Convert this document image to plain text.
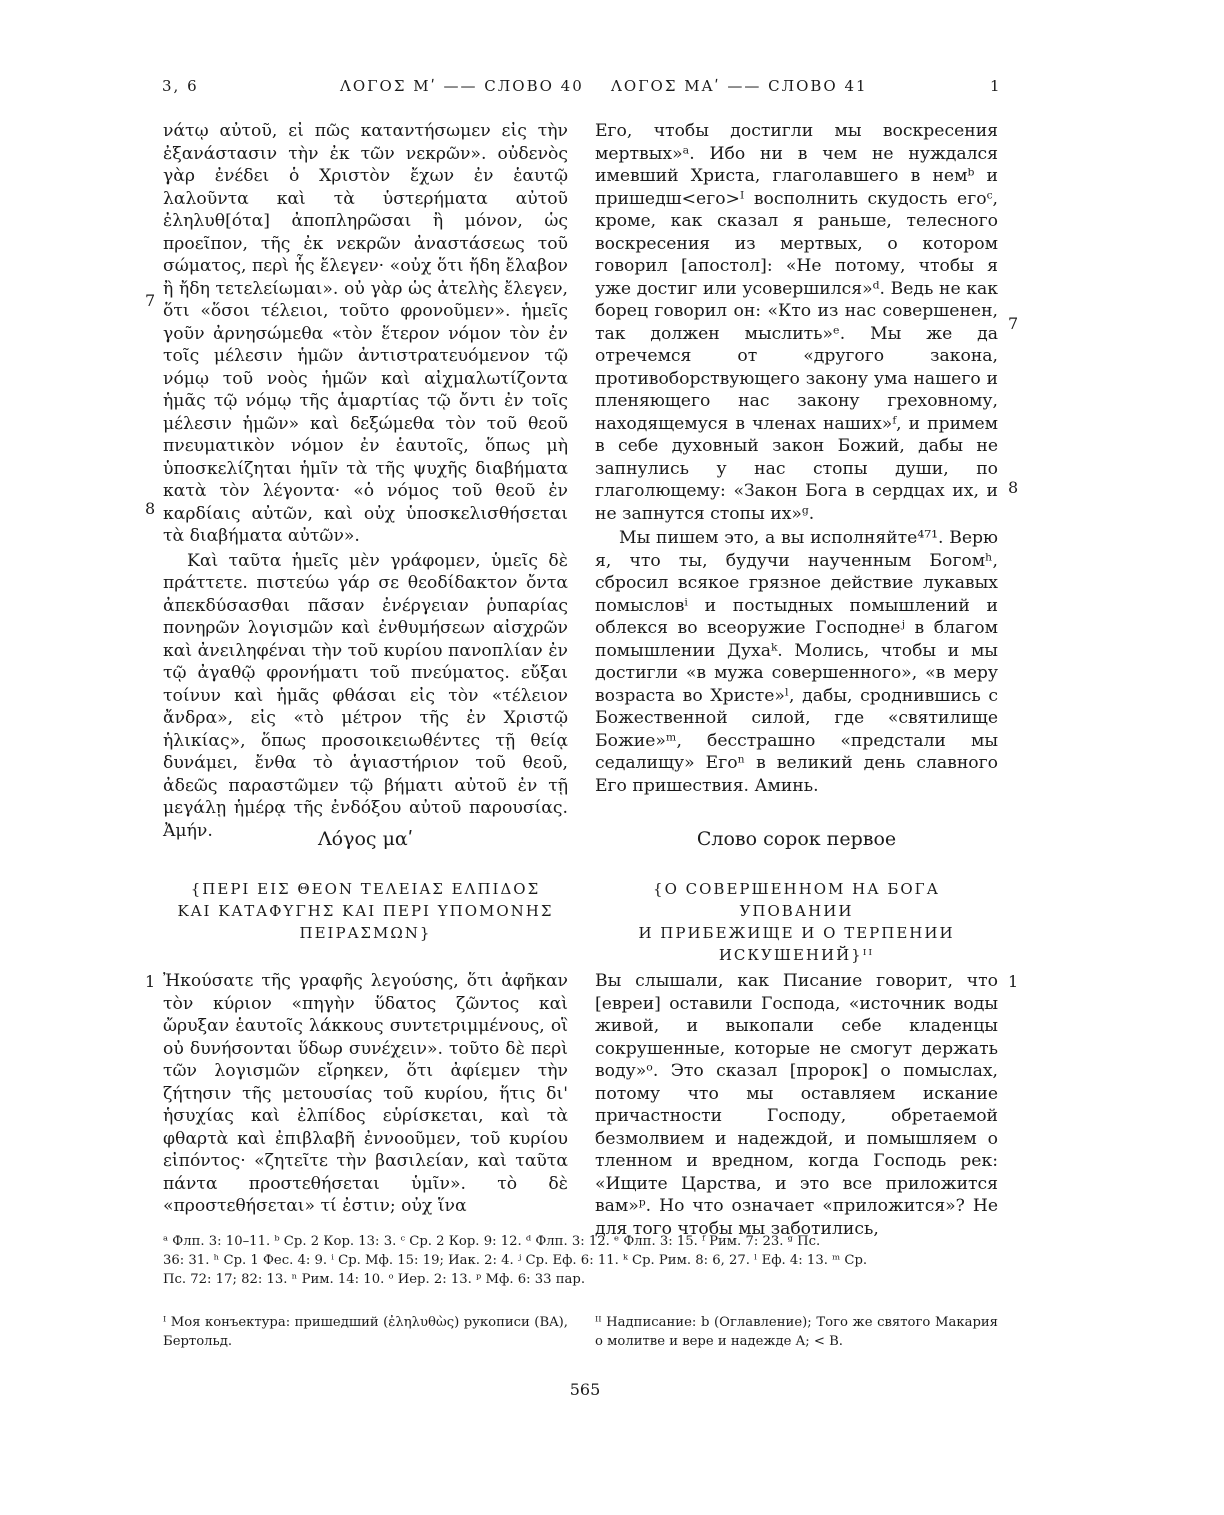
3, 6	ΛΟΓΟΣ Μʹ —— СЛОВО 40 ΛΟΓΟΣ ΜΑʹ —— СЛОВО 41	1

νάτῳ αὐτοῦ, εἰ πῶς καταντήσωμεν εἰς τὴν ἐξανάστασιν τὴν ἐκ τῶν νεκρῶν». οὐδενὸς γὰρ ἐνέδει ὁ Χριστὸν ἔχων ἐν ἑαυτῷ λαλοῦντα καὶ τὰ ὑστερήματα αὐτοῦ ἐληλυθ[ότα] ἀποπληρῶσαι ἢ μόνον, ὡς προεῖπον, τῆς ἐκ νεκρῶν ἀναστάσεως τοῦ σώματος, περὶ ἧς ἔλεγεν· «οὐχ ὅτι ἤδη ἔλαβον ἢ ἤδη τετελείωμαι». οὐ γὰρ ὡς ἀτελὴς ἔλεγεν, ὅτι «ὅσοι τέλειοι, τοῦτο φρονοῦμεν». ἡμεῖς γοῦν ἀρνησώμεθα «τὸν ἕτερον νόμον τὸν ἐν τοῖς μέλεσιν ἡμῶν ἀντιστρατευόμενον τῷ νόμῳ τοῦ νοὸς ἡμῶν καὶ αἰχμαλωτίζοντα ἡμᾶς τῷ νόμῳ τῆς ἁμαρτίας τῷ ὄντι ἐν τοῖς μέλεσιν ἡμῶν» καὶ δεξώμεθα τὸν τοῦ θεοῦ πνευματικὸν νόμον ἐν ἑαυτοῖς, ὅπως μὴ ὑποσκελίζηται ἡμῖν τὰ τῆς ψυχῆς διαβήματα κατὰ τὸν λέγοντα· «ὁ νόμος τοῦ θεοῦ ἐν καρδίαις αὐτῶν, καὶ οὐχ ὑποσκελισθήσεται τὰ διαβήματα αὐτῶν».

Καὶ ταῦτα ἡμεῖς μὲν γράφομεν, ὑμεῖς δὲ πράττετε. πιστεύω γάρ σε θεοδίδακτον ὄντα ἀπεκδύσασθαι πᾶσαν ἐνέργειαν ῥυπαρίας πονηρῶν λογισμῶν καὶ ἐνθυμήσεων αἰσχρῶν καὶ ἀνειληφέναι τὴν τοῦ κυρίου πανοπλίαν ἐν τῷ ἀγαθῷ φρονήματι τοῦ πνεύματος. εὔξαι τοίνυν καὶ ἡμᾶς φθάσαι εἰς τὸν «τέλειον ἄνδρα», εἰς «τὸ μέτρον τῆς ἐν Χριστῷ ἡλικίας», ὅπως προσοικειωθέντες τῇ θείᾳ δυνάμει, ἔνθα τὸ ἁγιαστήριον τοῦ θεοῦ, ἀδεῶς παραστῶμεν τῷ βήματι αὐτοῦ ἐν τῇ μεγάλῃ ἡμέρᾳ τῆς ἐνδόξου αὐτοῦ παρουσίας. Ἀμήν.

7
8

Его, чтобы достигли мы воскресения мертвых»ᵃ. Ибо ни в чем не нуждался имевший Христа, глаголавшего в немᵇ и пришедш<его>ᴵ восполнить скудость егоᶜ, кроме, как сказал я раньше, телесного воскресения из мертвых, о котором говорил [апостол]: «Не потому, чтобы я уже достиг или усовершился»ᵈ. Ведь не как борец говорил он: «Кто из нас совершенен, так должен мыслить»ᵉ. Мы же да отречемся от «другого закона, противоборствующего закону ума нашего и пленяющего нас закону греховному, находящемуся в членах наших»ᶠ, и примем в себе духовный закон Божий, дабы не запнулись у нас стопы души, по глаголющему: «Закон Бога в сердцах их, и не запнутся стопы их»ᵍ.

Мы пишем это, а вы исполняйте⁴⁷¹. Верю я, что ты, будучи наученным Богомʰ, сбросил всякое грязное действие лукавых помысловⁱ и постыдных помышлений и облекся во всеоружие Господнеʲ в благом помышлении Духаᵏ. Молись, чтобы и мы достигли «в мужа совершенного», «в меру возраста во Христе»ˡ, дабы, сроднившись с Божественной силой, где «святилище Божие»ᵐ, бесстрашно «предстали мы седалищу» Егоⁿ в великий день славного Его пришествия. Аминь.

7
8
Λόγος μαʹ	Слово сорок первое
{ΠΕΡΙ ΕΙΣ ΘΕΟΝ ΤΕΛΕΙΑΣ ΕΛΠΙΔΟΣ
ΚΑΙ ΚΑΤΑΦΥΓΗΣ ΚΑΙ ΠΕΡΙ ΥΠΟΜΟΝΗΣ
ΠΕΙΡΑΣΜΩΝ}
{О СОВЕРШЕННОМ НА БОГА УПОВАНИИ
И ПРИБЕЖИЩЕ И О ТЕРПЕНИИ
ИСКУШЕНИЙ}ᴵᴵ
1 Ἠκούσατε τῆς γραφῆς λεγούσης, ὅτι ἀφῆκαν τὸν κύριον «πηγὴν ὕδατος ζῶντος καὶ ὤρυξαν ἑαυτοῖς λάκκους συντετριμμένους, οἳ οὐ δυνήσονται ὕδωρ συνέχειν». τοῦτο δὲ περὶ τῶν λογισμῶν εἴρηκεν, ὅτι ἀφίεμεν τὴν ζήτησιν τῆς μετουσίας τοῦ κυρίου, ἥτις δι' ἡσυχίας καὶ ἐλπίδος εὑρίσκεται, καὶ τὰ φθαρτὰ καὶ ἐπιβλαβῆ ἐννοοῦμεν, τοῦ κυρίου εἰπόντος· «ζητεῖτε τὴν βασιλείαν, καὶ ταῦτα πάντα προστεθήσεται ὑμῖν». τὸ δὲ «προστεθήσεται» τί ἐστιν; οὐχ ἵνα

Вы слышали, как Писание говорит, что [евреи] оставили Господа, «источник воды живой, и выкопали себе кладенцы сокрушенные, которые не смогут держать воду»ᵒ. Это сказал [пророк] о помыслах, потому что мы оставляем искание причастности Господу, обретаемой безмолвием и надеждой, и помышляем о тленном и вредном, когда Господь рек: «Ищите Царства, и это все приложится вам»ᵖ. Но что означает «приложится»? Не для того чтобы мы заботились,

1
ᵃ Флп. 3: 10–11. ᵇ Ср. 2 Кор. 13: 3. ᶜ Ср. 2 Кор. 9: 12. ᵈ Флп. 3: 12. ᵉ Флп. 3: 15. ᶠ Рим. 7: 23. ᵍ Пс.
36: 31. ʰ Ср. 1 Фес. 4: 9. ⁱ Ср. Мф. 15: 19; Иак. 2: 4. ʲ Ср. Еф. 6: 11. ᵏ Ср. Рим. 8: 6, 27. ˡ Еф. 4: 13. ᵐ Ср.
Пс. 72: 17; 82: 13. ⁿ Рим. 14: 10. ᵒ Иер. 2: 13. ᵖ Мф. 6: 33 пар.
ᴵ Моя конъектура: пришедший (ἐληλυθὼς) рукописи (BA), Бертольд.
ᴵᴵ Надписание: b (Оглавление); Того же святого Макария о молитве и вере и надежде A; < B.
565
